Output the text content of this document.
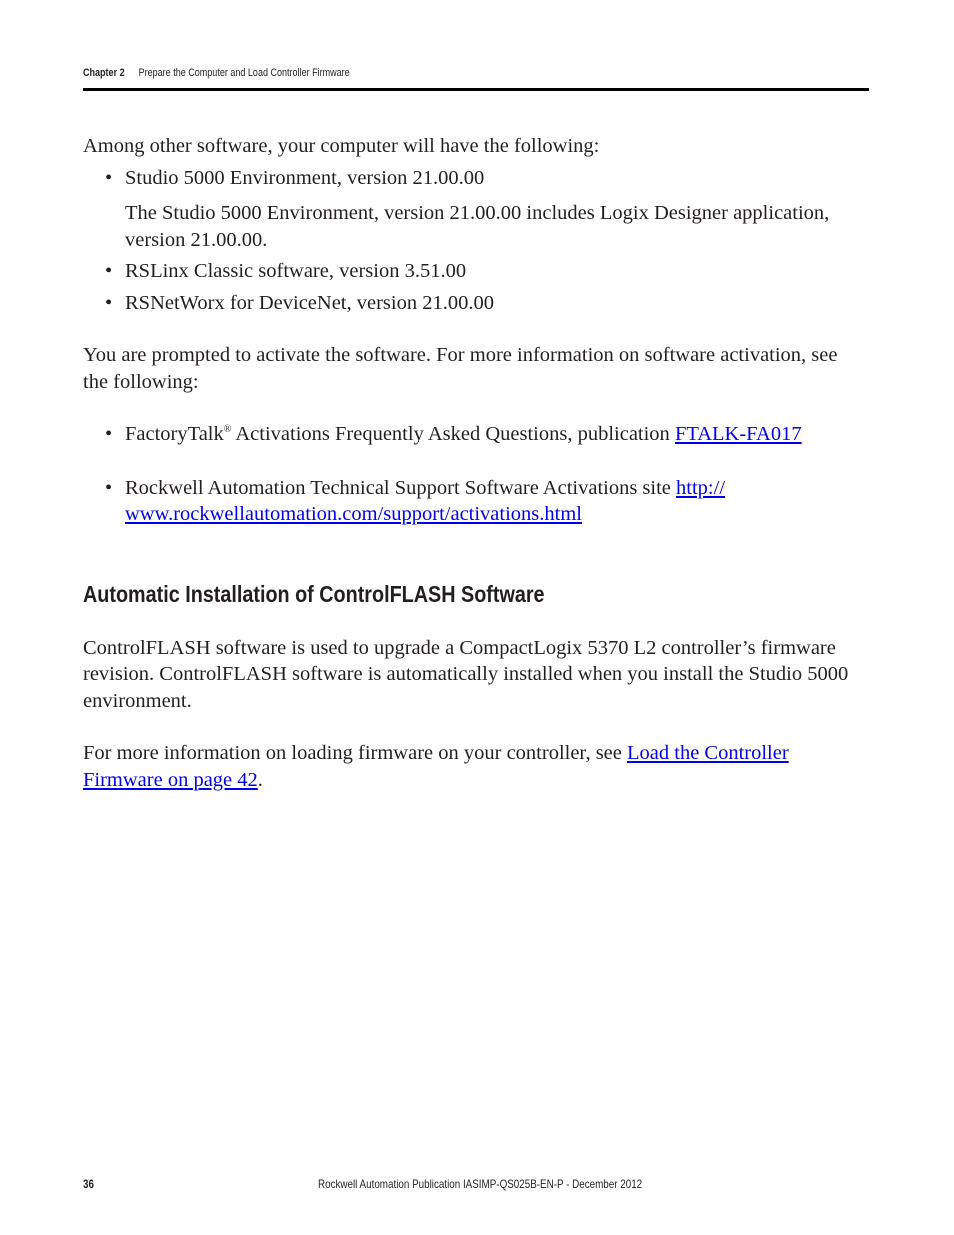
Chapter 2 Prepare the Computer and Load Controller Firmware

Among other software, your computer will have the following:

• Studio 5000 Environment, version 21.00.00

The Studio 5000 Environment, version 21.00.00 includes Logix Designer application, version 21.00.00.

• RSLinx Classic software, version 3.51.00
• RSNetWorx for DeviceNet, version 21.00.00

You are prompted to activate the software. For more information on software activation, see the following:

• FactoryTalk® Activations Frequently Asked Questions, publication FTALK-FA017
• Rockwell Automation Technical Support Software Activations site http://
www.rockwellautomation.com/support/activations.html
Automatic Installation of ControlFLASH Software

ControlFLASH software is used to upgrade a CompactLogix 5370 L2 controller’s firmware revision. ControlFLASH software is automatically installed when you install the Studio 5000 environment.

For more information on loading firmware on your controller, see Load the Controller
Firmware on page 42.

36	Rockwell Automation Publication IASIMP-QS025B-EN-P - December 2012
